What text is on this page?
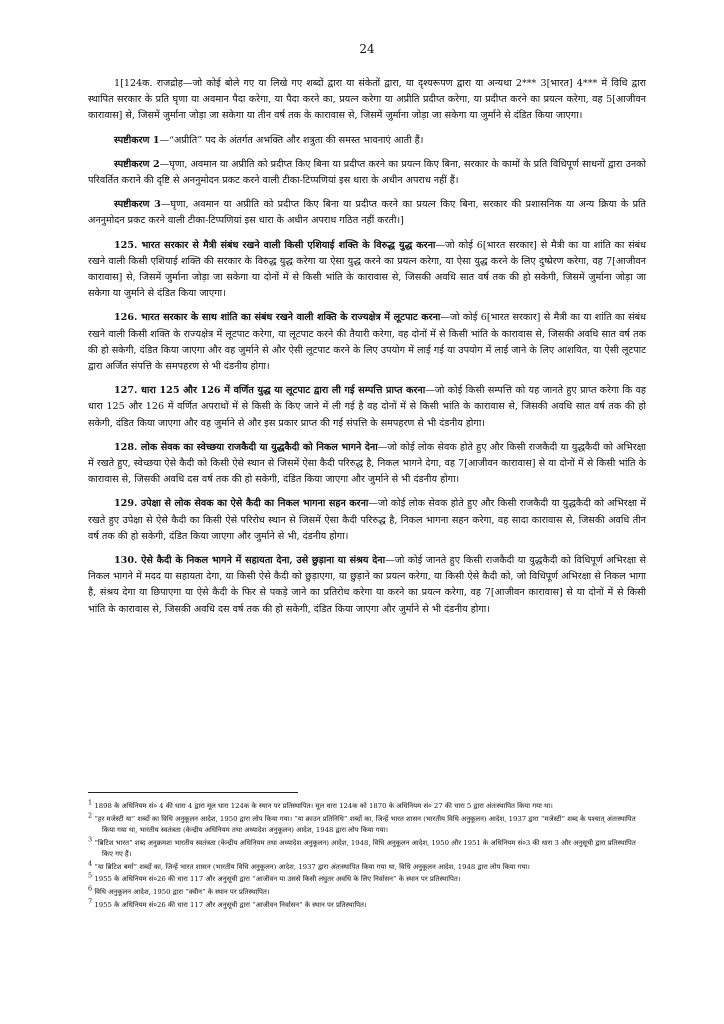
24

1[124क. राजद्रोह—जो कोई बोले गए या लिखे गए शब्दों द्वारा या संकेतों द्वारा, या दृश्यरूपण द्वारा या अन्यथा 2*** 3[भारत] 4*** में विधि द्वारा स्थापित सरकार के प्रति घृणा या अवमान पैदा करेगा, या पैदा करने का, प्रयत्न करेगा या अप्रीति प्रदीप्त करेगा, या प्रदीप्त करने का प्रयत्न करेगा, वह 5[आजीवन कारावास] से, जिसमें जुर्माना जोड़ा जा सकेगा या तीन वर्ष तक के कारावास से, जिसमें जुर्माना जोड़ा जा सकेगा या जुर्माने से दंडित किया जाएगा।

स्पष्टीकरण 1—“अप्रीति” पद के अंतर्गत अभक्ति और शत्रुता की समस्त भावनाएं आती हैं।

स्पष्टीकरण 2—घृणा, अवमान या अप्रीति को प्रदीप्त किए बिना या प्रदीप्त करने का प्रयत्न किए बिना, सरकार के कामों के प्रति विधिपूर्ण साधनों द्वारा उनको परिवर्तित कराने की दृष्टि से अननुमोदन प्रकट करने वाली टीका-टिप्पणियां इस धारा के अधीन अपराध नहीं हैं।

स्पष्टीकरण 3—घृणा, अवमान या अप्रीति को प्रदीप्त किए बिना या प्रदीप्त करने का प्रयत्न किए बिना, सरकार की प्रशासनिक या अन्य क्रिया के प्रति अननुमोदन प्रकट करने वाली टीका-टिप्पणियां इस धारा के अधीन अपराध गठित नहीं करती।]

125. भारत सरकार से मैत्री संबंध रखने वाली किसी एशियाई शक्ति के विरुद्ध युद्ध करना—जो कोई 6[भारत सरकार] से मैत्री का या शांति का संबंध रखने वाली किसी एशियाई शक्ति की सरकार के विरुद्ध युद्ध करेगा या ऐसा युद्ध करने का प्रयत्न करेगा, या ऐसा युद्ध करने के लिए दुष्प्रेरण करेगा, वह 7[आजीवन कारावास] से, जिसमें जुर्माना जोड़ा जा सकेगा या दोनों में से किसी भांति के कारावास से, जिसकी अवधि सात वर्ष तक की हो सकेगी, जिसमें जुर्माना जोड़ा जा सकेगा या जुर्माने से दंडित किया जाएगा।

126. भारत सरकार के साथ शांति का संबंध रखने वाली शक्ति के राज्यक्षेत्र में लूटपाट करना—जो कोई 6[भारत सरकार] से मैत्री का या शांति का संबंध रखने वाली किसी शक्ति के राज्यक्षेत्र में लूटपाट करेगा, या लूटपाट करने की तैयारी करेगा, वह दोनों में से किसी भांति के कारावास से, जिसकी अवधि सात वर्ष तक की हो सकेगी, दंडित किया जाएगा और वह जुर्माने से और ऐसी लूटपाट करने के लिए उपयोग में लाई गई या उपयोग में लाई जाने के लिए आशयित, या ऐसी लूटपाट द्वारा अर्जित संपत्ति के समपहरण से भी दंडनीय होगा।

127. धारा 125 और 126 में वर्णित युद्ध या लूटपाट द्वारा ली गई सम्पत्ति प्राप्त करना—जो कोई किसी सम्पत्ति को यह जानते हुए प्राप्त करेगा कि वह धारा 125 और 126 में वर्णित अपराधों में से किसी के किए जाने में ली गई है वह दोनों में से किसी भांति के कारावास से, जिसकी अवधि सात वर्ष तक की हो सकेगी, दंडित किया जाएगा और वह जुर्माने से और इस प्रकार प्राप्त की गई संपत्ति के समपहरण से भी दंडनीय होगा।

128. लोक सेवक का स्वेच्छया राजकैदी या युद्धकैदी को निकल भागने देना—जो कोई लोक सेवक होते हुए और किसी राजकैदी या युद्धकैदी को अभिरक्षा में रखते हुए, स्वेच्छया ऐसे कैदी को किसी ऐसे स्थान से जिसमें ऐसा कैदी परिरुद्ध है, निकल भागने देगा, वह 7[आजीवन कारावास] से या दोनों में से किसी भांति के कारावास से, जिसकी अवधि दस वर्ष तक की हो सकेगी, दंडित किया जाएगा और जुर्माने से भी दंडनीय होगा।

129. उपेक्षा से लोक सेवक का ऐसे कैदी का निकल भागना सहन करना—जो कोई लोक सेवक होते हुए और किसी राजकैदी या युद्धकैदी को अभिरक्षा में रखते हुए उपेक्षा से ऐसे कैदी का किसी ऐसे परिरोध स्थान से जिसमें ऐसा कैदी परिरुद्ध है, निकल भागना सहन करेगा, वह सादा कारावास से, जिसकी अवधि तीन वर्ष तक की हो सकेगी, दंडित किया जाएगा और जुर्माने से भी, दंडनीय होगा।

130. ऐसे कैदी के निकल भागने में सहायता देना, उसे छुड़ाना या संश्रय देना—जो कोई जानते हुए किसी राजकैदी या युद्धकैदी को विधिपूर्ण अभिरक्षा से निकल भागने में मदद या सहायता देगा, या किसी ऐसे कैदी को छुड़ाएगा, या छुड़ाने का प्रयत्न करेगा, या किसी ऐसे कैदी को, जो विधिपूर्ण अभिरक्षा से निकल भागा है, संश्रय देगा या छिपाएगा या ऐसे कैदी के फिर से पकड़े जाने का प्रतिरोध करेगा या करने का प्रयत्न करेगा, वह 7[आजीवन कारावास] से या दोनों में से किसी भांति के कारावास से, जिसकी अवधि दस वर्ष तक की हो सकेगी, दंडित किया जाएगा और जुर्माने से भी दंडनीय होगा।

$^1$ 1898 के अधिनियम सं० 4 की धारा 4 द्वारा मूल धारा 124क के स्थान पर प्रतिस्थापित। मूल धारा 124क को 1870 के अधिनियम सं० 27 की धारा 5 द्वारा अंतःस्थापित किया गया था।

$^2$ “हर मजेस्टी या” शब्दों का विधि अनुकूलन आदेश, 1950 द्वारा लोप किया गया। “या क्राउन प्रतिनिधि” शब्दों का, जिन्हें भारत शासन (भारतीय विधि अनुकूलन) आदेश, 1937 द्वारा “मजेस्टी” शब्द के पश्चात् अंतःस्थापित किया गया था, भारतीय स्वतंत्रता (केन्द्रीय अधिनियम तथा अध्यादेश अनुकूलन) आदेश, 1948 द्वारा लोप किया गया।

$^3$ “ब्रिटिश भारत” शब्द अनुक्रमशः भारतीय स्वतंत्रता (केन्द्रीय अधिनियम तथा अध्यादेश अनुकूलन) आदेश, 1948, विधि अनुकूलन आदेश, 1950 और 1951 के अधिनियम सं०3 की धारा 3 और अनुसूची द्वारा प्रतिस्थापित किए गए हैं।

$^4$ “या ब्रिटिश बर्मा” शब्दों का, जिन्हें भारत शासन (भारतीय विधि अनुकूलन) आदेश, 1937 द्वारा अंतःस्थापित किया गया था, विधि अनुकूलन आदेश, 1948 द्वारा लोप किया गया।

$^5$ 1955 के अधिनियम सं०26 की धारा 117 और अनुसूची द्वारा “आजीवन या उससे किसी लघुतर अवधि के लिए निर्वासन” के स्थान पर प्रतिस्थापित।

$^6$ विधि अनुकूलन आदेश, 1950 द्वारा “क्वीन” के स्थान पर प्रतिस्थापित।

$^7$ 1955 के अधिनियम सं०26 की धारा 117 और अनुसूची द्वारा “आजीवन निर्वासन” के स्थान पर प्रतिस्थापित।
